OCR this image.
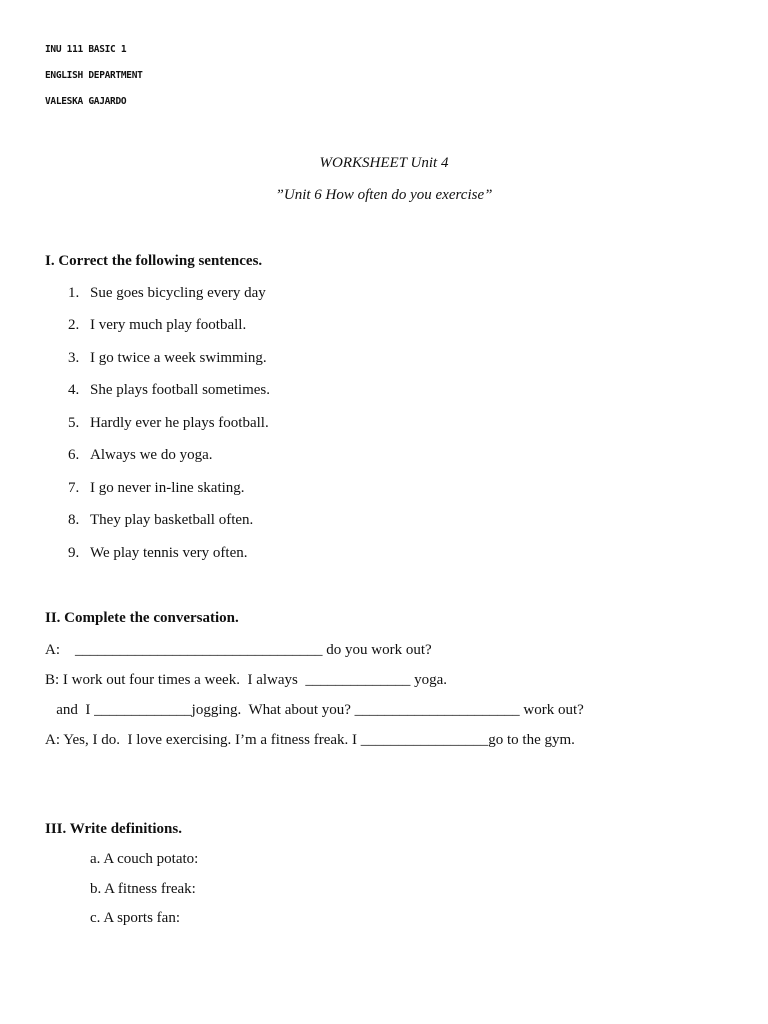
INU 111 BASIC 1
ENGLISH DEPARTMENT
VALESKA GAJARDO
WORKSHEET Unit 4
”Unit 6 How often do you exercise”
I. Correct the following sentences.
1. Sue goes bicycling every day
2. I very much play football.
3. I go twice a week swimming.
4. She plays football sometimes.
5. Hardly ever he plays football.
6. Always we do yoga.
7. I go never in-line skating.
8. They play basketball often.
9. We play tennis very often.
II. Complete the conversation.
A:    _________________________________ do you work out?
B: I work out four times a week.  I always  ______________ yoga.
and  I _____________jogging.  What about you? ______________________ work out?
A: Yes, I do.  I love exercising. I’m a fitness freak. I _________________go to the gym.
III. Write definitions.
a. A couch potato:
b. A fitness freak:
c. A sports fan:
